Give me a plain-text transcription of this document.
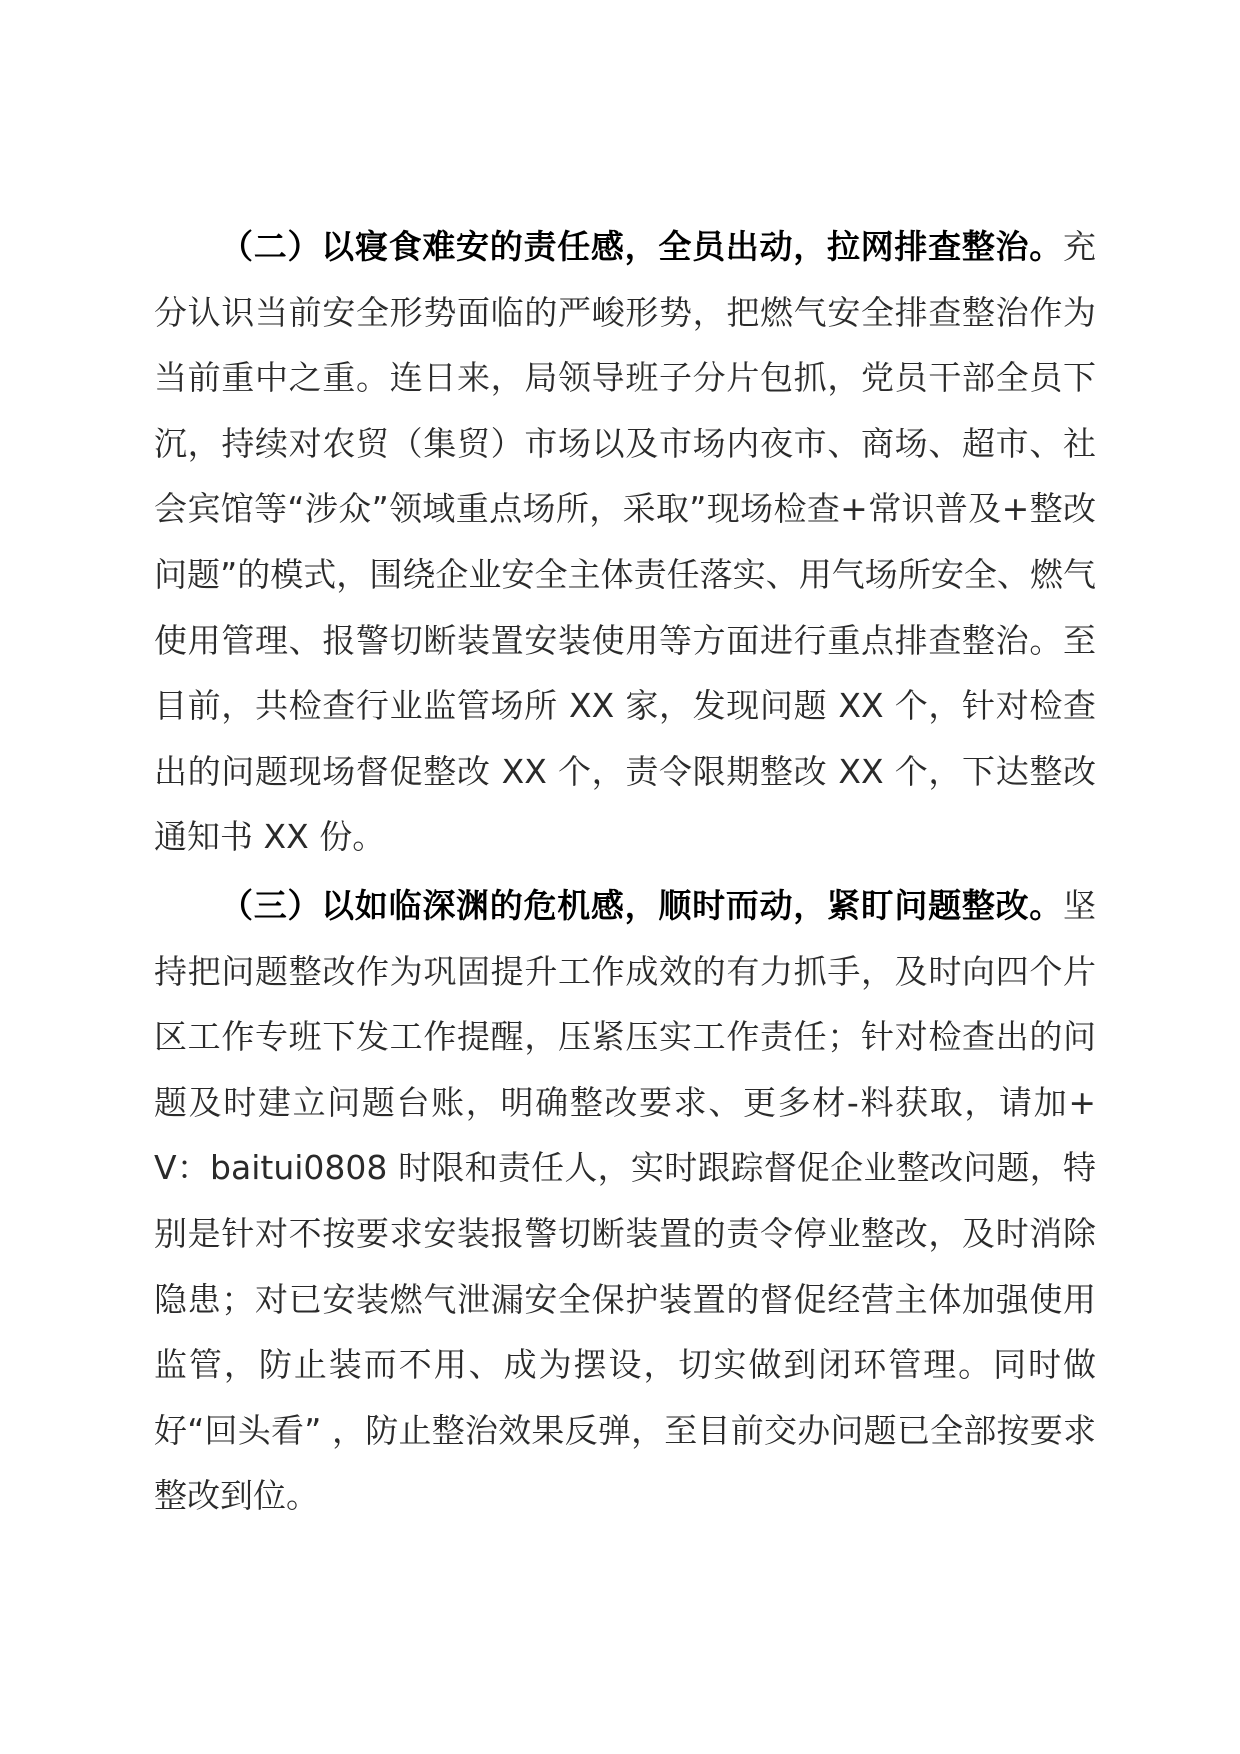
（二）以寝食难安的责任感，全员出动，拉网排查整治。充分认识当前安全形势面临的严峻形势，把燃气安全排查整治作为当前重中之重。连日来，局领导班子分片包抓，党员干部全员下沉，持续对农贸（集贸）市场以及市场内夜市、商场、超市、社会宾馆等“涉众”领域重点场所，采取”现场检查+常识普及+整改问题”的模式，围绕企业安全主体责任落实、用气场所安全、燃气使用管理、报警切断装置安装使用等方面进行重点排查整治。至目前，共检查行业监管场所 XX 家，发现问题 XX 个，针对检查出的问题现场督促整改 XX 个，责令限期整改 XX 个，下达整改通知书 XX 份。

（三）以如临深渊的危机感，顺时而动，紧盯问题整改。坚持把问题整改作为巩固提升工作成效的有力抓手，及时向四个片区工作专班下发工作提醒，压紧压实工作责任；针对检查出的问题及时建立问题台账，明确整改要求、更多材-料获取，请加+V：baitui0808 时限和责任人，实时跟踪督促企业整改问题，特别是针对不按要求安装报警切断装置的责令停业整改，及时消除隐患；对已安装燃气泄漏安全保护装置的督促经营主体加强使用监管，防止装而不用、成为摆设，切实做到闭环管理。同时做好“回头看” ，防止整治效果反弹，至目前交办问题已全部按要求整改到位。
